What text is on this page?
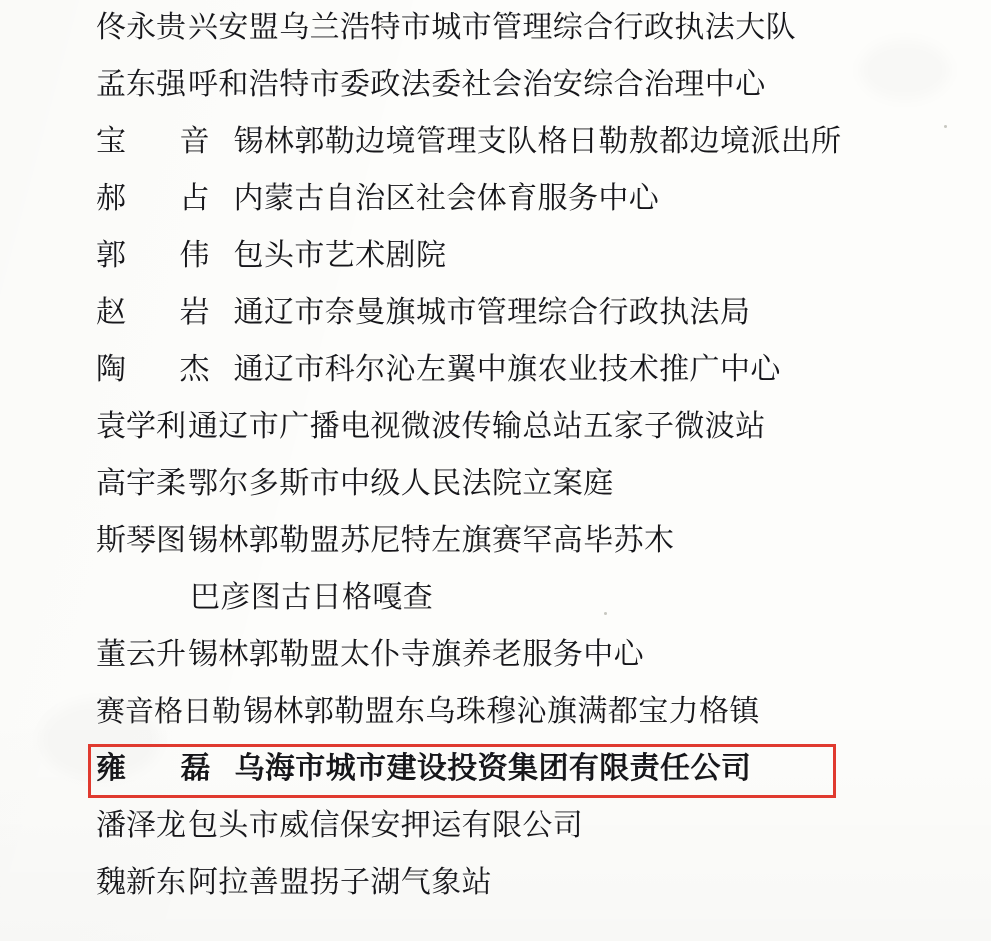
佟永贵 兴安盟乌兰浩特市城市管理综合行政执法大队
孟东强 呼和浩特市委政法委社会治安综合治理中心
宝 音 锡林郭勒边境管理支队格日勒敖都边境派出所
郝 占 内蒙古自治区社会体育服务中心
郭 伟 包头市艺术剧院
赵 岩 通辽市奈曼旗城市管理综合行政执法局
陶 杰 通辽市科尔沁左翼中旗农业技术推广中心
袁学利 通辽市广播电视微波传输总站五家子微波站
高宇柔 鄂尔多斯市中级人民法院立案庭
斯琴图 锡林郭勒盟苏尼特左旗赛罕高毕苏木
巴彦图古日格嘎查
董云升 锡林郭勒盟太仆寺旗养老服务中心
赛音格日勒 锡林郭勒盟东乌珠穆沁旗满都宝力格镇
雍 磊 乌海市城市建设投资集团有限责任公司
潘泽龙 包头市威信保安押运有限公司
魏新东 阿拉善盟拐子湖气象站
